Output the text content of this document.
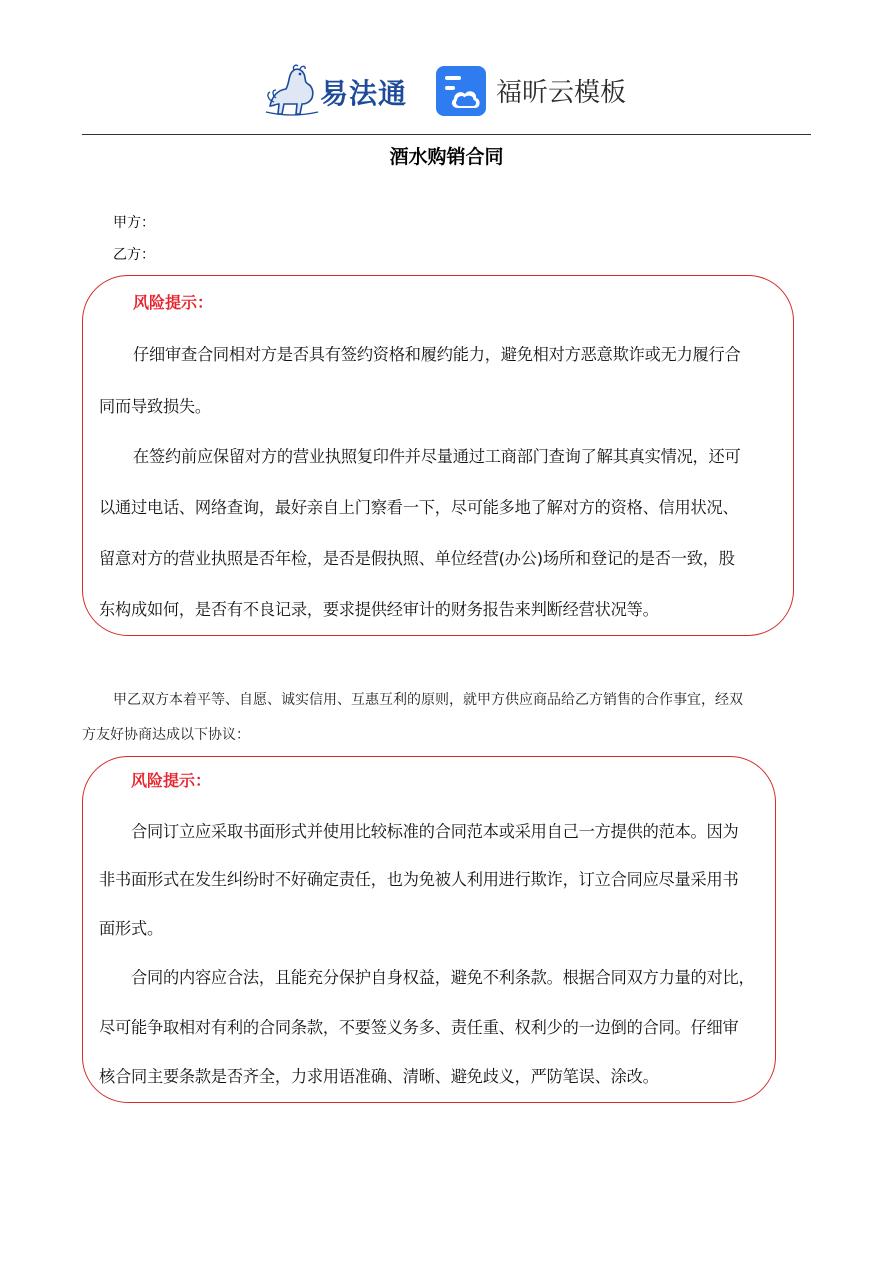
易法通	福昕云模板
酒水购销合同
甲方：
乙方：
风险提示：
仔细审查合同相对方是否具有签约资格和履约能力，避免相对方恶意欺诈或无力履行合
同而导致损失。
在签约前应保留对方的营业执照复印件并尽量通过工商部门查询了解其真实情况，还可
以通过电话、网络查询，最好亲自上门察看一下，尽可能多地了解对方的资格、信用状况、
留意对方的营业执照是否年检，是否是假执照、单位经营(办公)场所和登记的是否一致，股
东构成如何，是否有不良记录，要求提供经审计的财务报告来判断经营状况等。
甲乙双方本着平等、自愿、诚实信用、互惠互利的原则，就甲方供应商品给乙方销售的合作事宜，经双
方友好协商达成以下协议：
风险提示：
合同订立应采取书面形式并使用比较标准的合同范本或采用自己一方提供的范本。因为
非书面形式在发生纠纷时不好确定责任，也为免被人利用进行欺诈，订立合同应尽量采用书
面形式。
合同的内容应合法，且能充分保护自身权益，避免不利条款。根据合同双方力量的对比，
尽可能争取相对有利的合同条款，不要签义务多、责任重、权利少的一边倒的合同。仔细审
核合同主要条款是否齐全，力求用语准确、清晰、避免歧义，严防笔误、涂改。
